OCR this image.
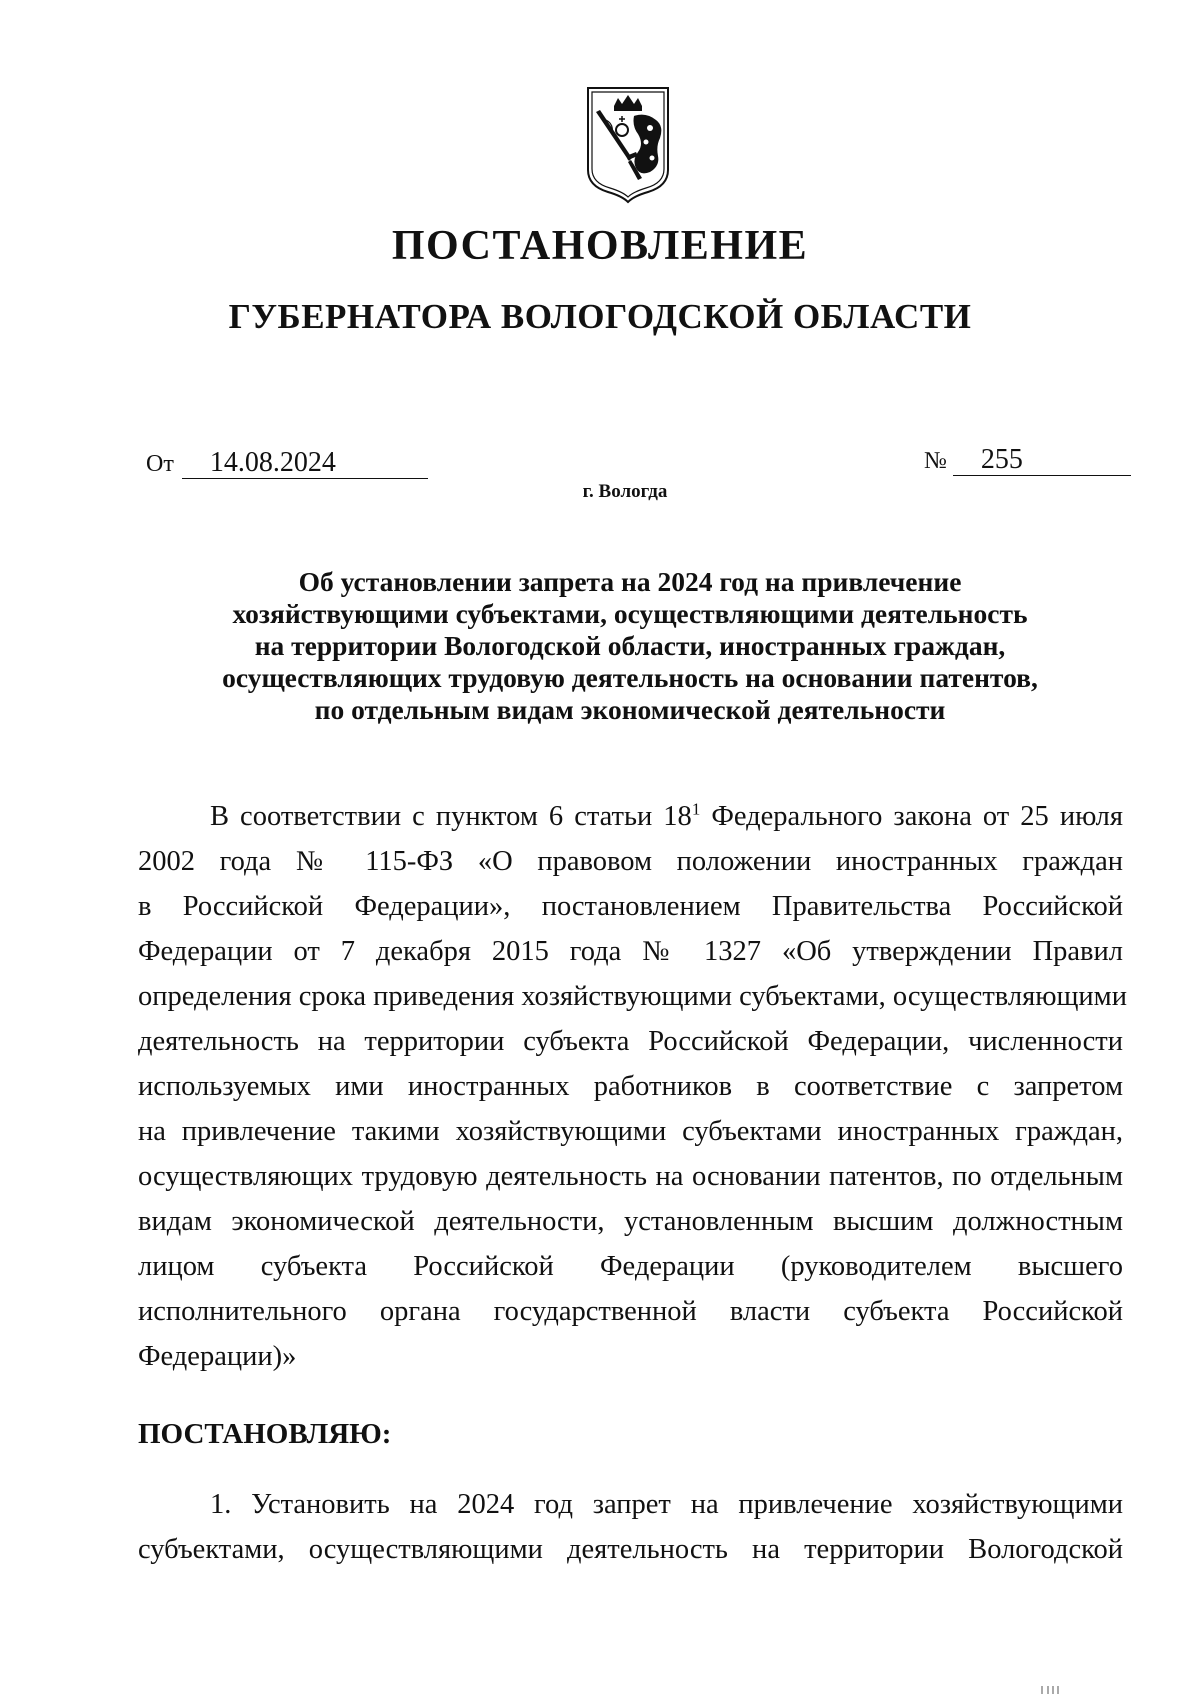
ПОСТАНОВЛЕНИЕ
ГУБЕРНАТОРА ВОЛОГОДСКОЙ ОБЛАСТИ
От 14.08.2024	№ 255
г. Вологда
Об установлении запрета на 2024 год на привлечение
хозяйствующими субъектами, осуществляющими деятельность
на территории Вологодской области, иностранных граждан,
осуществляющих трудовую деятельность на основании патентов,
по отдельным видам экономической деятельности
В соответствии с пунктом 6 статьи $18^1$ Федерального закона от 25 июля
2002 года № 115-ФЗ «О правовом положении иностранных граждан
в Российской Федерации», постановлением Правительства Российской
Федерации от 7 декабря 2015 года № 1327 «Об утверждении Правил
определения срока приведения хозяйствующими субъектами, осуществляющими
деятельность на территории субъекта Российской Федерации, численности
используемых ими иностранных работников в соответствие с запретом
на привлечение такими хозяйствующими субъектами иностранных граждан,
осуществляющих трудовую деятельность на основании патентов, по отдельным
видам экономической деятельности, установленным высшим должностным
лицом субъекта Российской Федерации (руководителем высшего
исполнительного органа государственной власти субъекта Российской
Федерации)»
ПОСТАНОВЛЯЮ:
1. Установить на 2024 год запрет на привлечение хозяйствующими
субъектами, осуществляющими деятельность на территории Вологодской
